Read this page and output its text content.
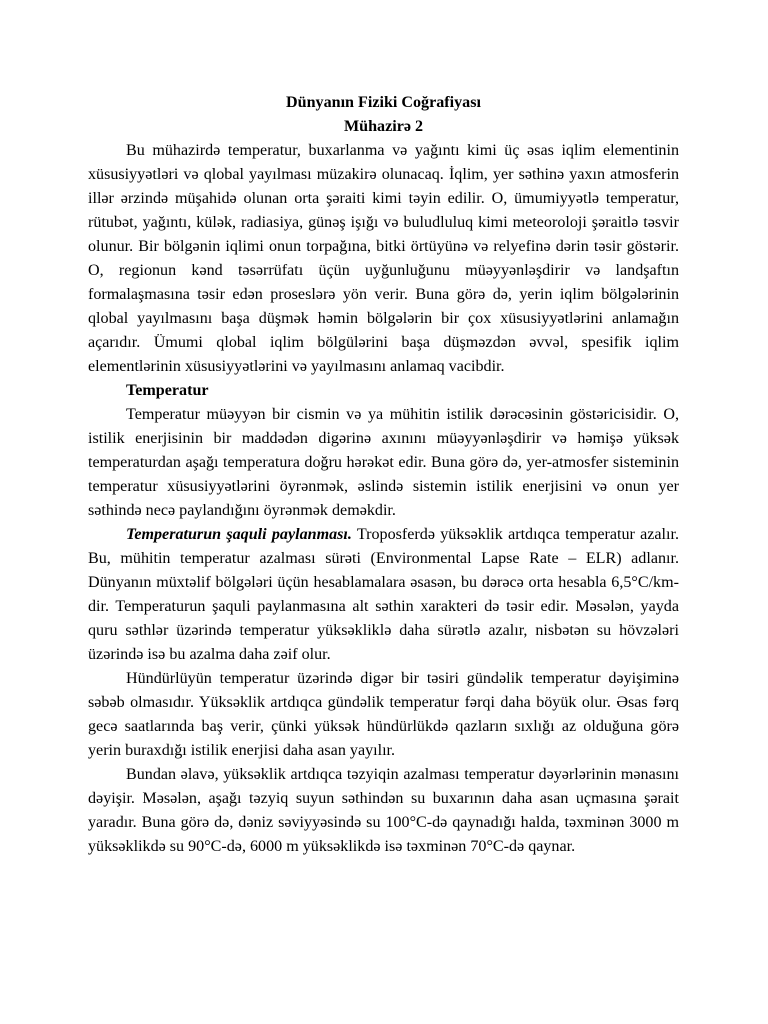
Dünyanın Fiziki Coğrafiyası
Mühazirə 2

Bu mühazirdə temperatur, buxarlanma və yağıntı kimi üç əsas iqlim elementinin xüsusiyyətləri və qlobal yayılması müzakirə olunacaq. İqlim, yer səthinə yaxın atmosferin illər ərzində müşahidə olunan orta şəraiti kimi təyin edilir. O, ümumiyyətlə temperatur, rütubət, yağıntı, külək, radiasiya, günəş işığı və buludluluq kimi meteoroloji şəraitlə təsvir olunur. Bir bölgənin iqlimi onun torpağına, bitki örtüyünə və relyefinə dərin təsir göstərir. O, regionun kənd təsərrüfatı üçün uyğunluğunu müəyyənləşdirir və landşaftın formalaşmasına təsir edən proseslərə yön verir. Buna görə də, yerin iqlim bölgələrinin qlobal yayılmasını başa düşmək həmin bölgələrin bir çox xüsusiyyətlərini anlamağın açarıdır. Ümumi qlobal iqlim bölgülərini başa düşməzdən əvvəl, spesifik iqlim elementlərinin xüsusiyyətlərini və yayılmasını anlamaq vacibdir.

Temperatur

Temperatur müəyyən bir cismin və ya mühitin istilik dərəcəsinin göstəricisidir. O, istilik enerjisinin bir maddədən digərinə axınını müəyyənləşdirir və həmişə yüksək temperaturdan aşağı temperatura doğru hərəkət edir. Buna görə də, yer-atmosfer sisteminin temperatur xüsusiyyətlərini öyrənmək, əslində sistemin istilik enerjisini və onun yer səthində necə paylandığını öyrənmək deməkdir.

Temperaturun şaquli paylanması. Troposferdə yüksəklik artdıqca temperatur azalır. Bu, mühitin temperatur azalması sürəti (Environmental Lapse Rate – ELR) adlanır. Dünyanın müxtəlif bölgələri üçün hesablamalara əsasən, bu dərəcə orta hesabla 6,5°C/km-dir. Temperaturun şaquli paylanmasına alt səthin xarakteri də təsir edir. Məsələn, yayda quru səthlər üzərində temperatur yüksəkliklə daha sürətlə azalır, nisbətən su hövzələri üzərində isə bu azalma daha zəif olur.

Hündürlüyün temperatur üzərində digər bir təsiri gündəlik temperatur dəyişiminə səbəb olmasıdır. Yüksəklik artdıqca gündəlik temperatur fərqi daha böyük olur. Əsas fərq gecə saatlarında baş verir, çünki yüksək hündürlükdə qazların sıxlığı az olduğuna görə yerin buraxdığı istilik enerjisi daha asan yayılır.

Bundan əlavə, yüksəklik artdıqca təzyiqin azalması temperatur dəyərlərinin mənasını dəyişir. Məsələn, aşağı təzyiq suyun səthindən su buxarının daha asan uçmasına şərait yaradır. Buna görə də, dəniz səviyyəsində su 100°C-də qaynadığı halda, təxminən 3000 m yüksəklikdə su 90°C-də, 6000 m yüksəklikdə isə təxminən 70°C-də qaynar.
